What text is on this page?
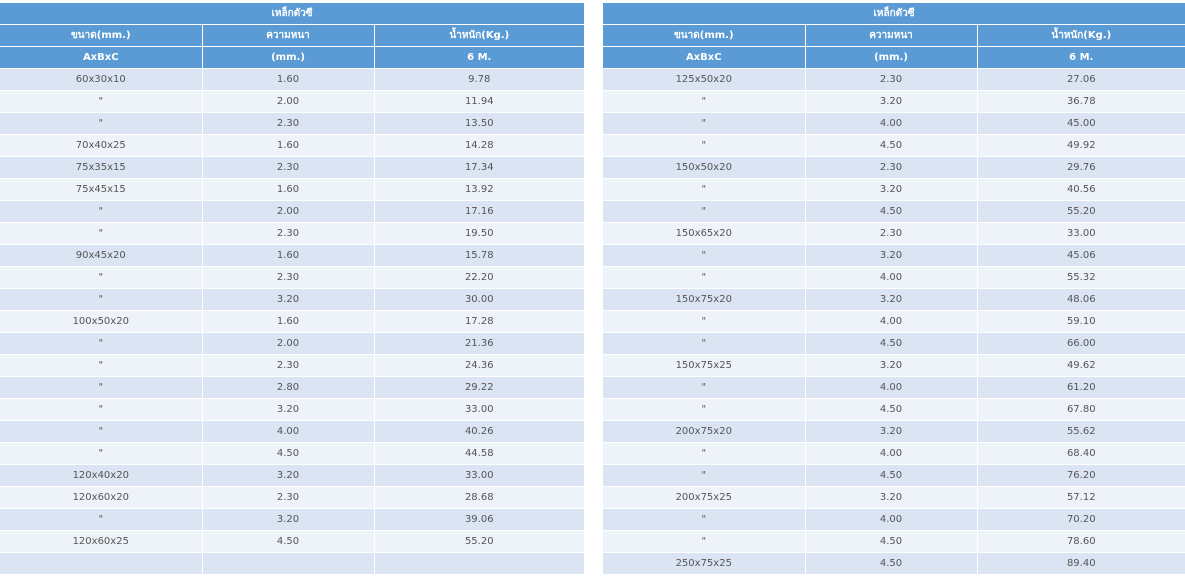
เหล็กตัวซี		
ขนาด(mm.)	ความหนา	น้ำหนัก(Kg.)
AxBxC	(mm.)	6 M.
60x30x10	1.60	9.78
"	2.00	11.94
"	2.30	13.50
70x40x25	1.60	14.28
75x35x15	2.30	17.34
75x45x15	1.60	13.92
"	2.00	17.16
"	2.30	19.50
90x45x20	1.60	15.78
"	2.30	22.20
"	3.20	30.00
100x50x20	1.60	17.28
"	2.00	21.36
"	2.30	24.36
"	2.80	29.22
"	3.20	33.00
"	4.00	40.26
"	4.50	44.58
120x40x20	3.20	33.00
120x60x20	2.30	28.68
"	3.20	39.06
120x60x25	4.50	55.20

เหล็กตัวซี		
ขนาด(mm.)	ความหนา	น้ำหนัก(Kg.)
AxBxC	(mm.)	6 M.
125x50x20	2.30	27.06
"	3.20	36.78
"	4.00	45.00
"	4.50	49.92
150x50x20	2.30	29.76
"	3.20	40.56
"	4.50	55.20
150x65x20	2.30	33.00
"	3.20	45.06
"	4.00	55.32
150x75x20	3.20	48.06
"	4.00	59.10
"	4.50	66.00
150x75x25	3.20	49.62
"	4.00	61.20
"	4.50	67.80
200x75x20	3.20	55.62
"	4.00	68.40
"	4.50	76.20
200x75x25	3.20	57.12
"	4.00	70.20
"	4.50	78.60
250x75x25	4.50	89.40
